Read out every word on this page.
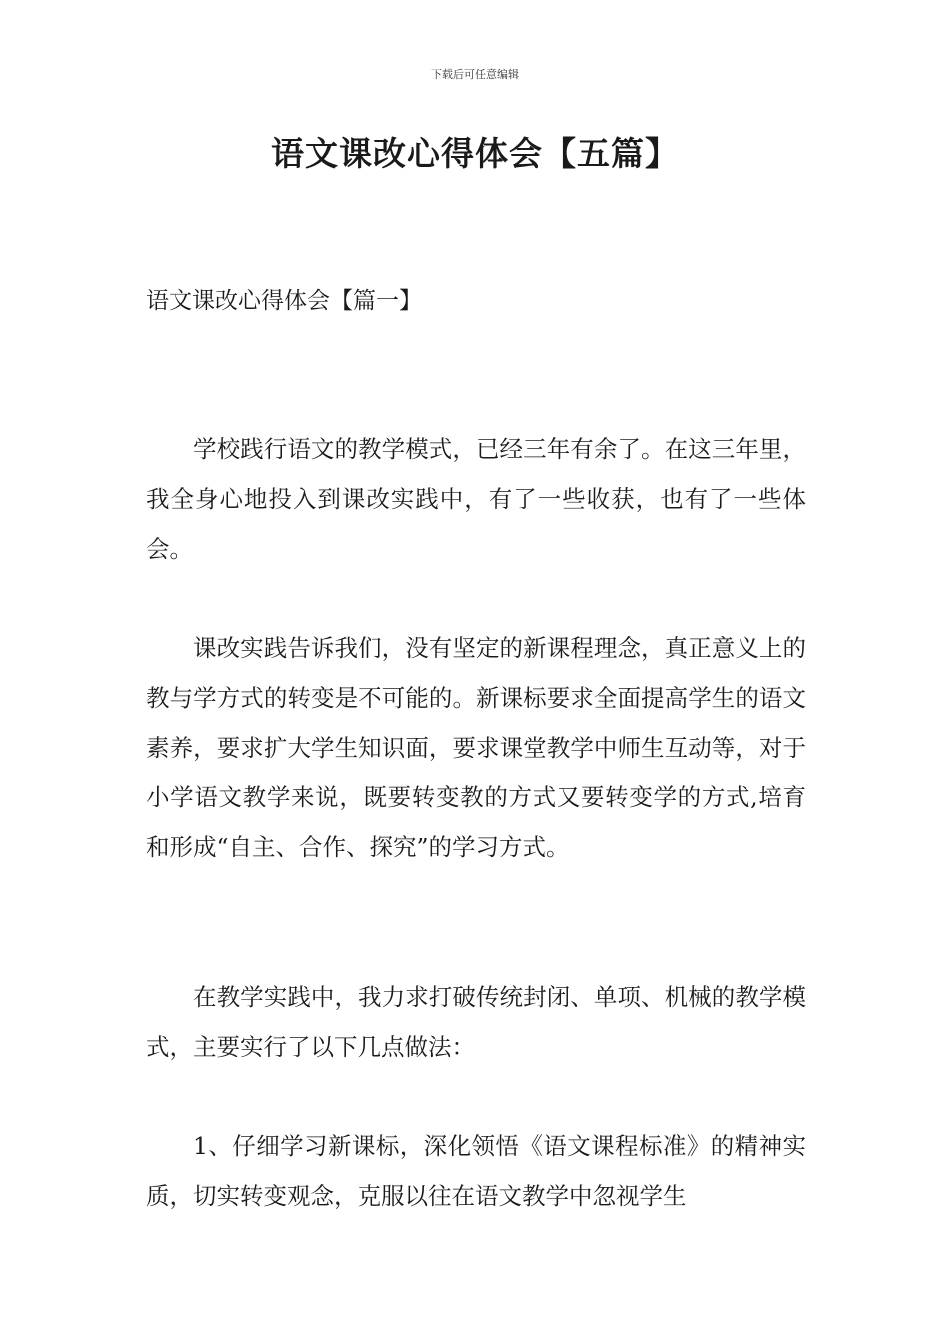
下载后可任意编辑
语文课改心得体会【五篇】
语文课改心得体会【篇一】

学校践行语文的教学模式，已经三年有余了。在这三年里，我全身心地投入到课改实践中，有了一些收获，也有了一些体会。

课改实践告诉我们，没有坚定的新课程理念，真正意义上的教与学方式的转变是不可能的。新课标要求全面提高学生的语文素养，要求扩大学生知识面，要求课堂教学中师生互动等，对于小学语文教学来说，既要转变教的方式又要转变学的方式,培育和形成“自主、合作、探究”的学习方式。

在教学实践中，我力求打破传统封闭、单项、机械的教学模式，主要实行了以下几点做法：

1、仔细学习新课标，深化领悟《语文课程标准》的精神实质，切实转变观念，克服以往在语文教学中忽视学生
